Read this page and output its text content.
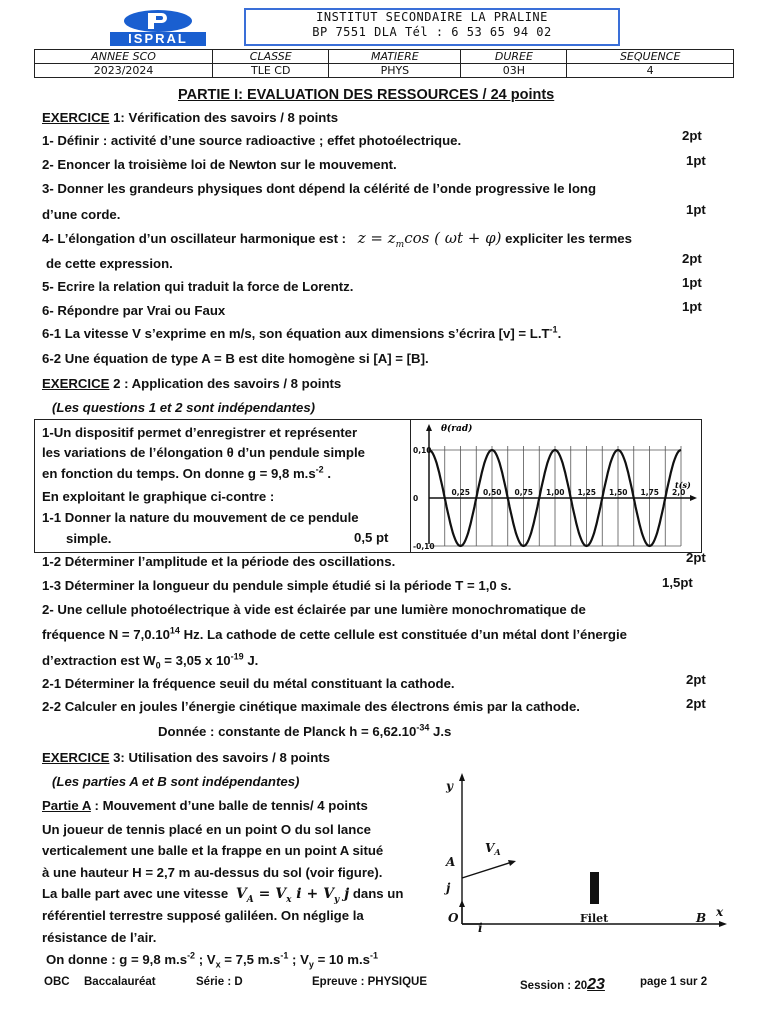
ISPRAL
INSTITUT SECONDAIRE LA PRALINE
BP 7551 DLA Tél : 6 53 65 94 02
ANNEE SCO	CLASSE	MATIERE	DUREE	SEQUENCE
2023/2024	TLE CD	PHYS	03H	4
PARTIE I: EVALUATION DES RESSOURCES / 24 points
EXERCICE 1: Vérification des savoirs / 8 points
1- Définir : activité d’une source radioactive ; effet photoélectrique.	2pt
2- Enoncer la troisième loi de Newton sur le mouvement.	1pt
3- Donner les grandeurs physiques dont dépend la célérité de l’onde progressive le long
d’une corde.	1pt
4- L’élongation d’un oscillateur harmonique est : $z = z_m\cos$ ( ωt + φ) expliciter les termes
de cette expression.	2pt
5- Ecrire la relation qui traduit la force de Lorentz.	1pt
6- Répondre par Vrai ou Faux	1pt
6-1 La vitesse V s’exprime en m/s, son équation aux dimensions s’écrira $[v] = L.T^{-1}$.
6-2 Une équation de type A = B est dite homogène si [A] = [B].
EXERCICE 2 : Application des savoirs / 8 points
(Les questions 1 et 2 sont indépendantes)
1-Un dispositif permet d’enregistrer et représenter
les variations de l’élongation θ d’un pendule simple
en fonction du temps. On donne g = 9,8 $m.s^{-2}$ .
En exploitant le graphique ci-contre :
1-1 Donner la nature du mouvement de ce pendule
simple.	0,5 pt
0,10
0
-0,10
0,25 0,50 0,75 1,00 1,25 1,50 1,75 2,0
θ(rad)
t(s)
1-2 Déterminer l’amplitude et la période des oscillations.	2pt
1-3 Déterminer la longueur du pendule simple étudié si la période T = 1,0 s.	1,5pt
2- Une cellule photoélectrique à vide est éclairée par une lumière monochromatique de
fréquence $N = 7,0.10^{14}$ Hz. La cathode de cette cellule est constituée d’un métal dont l’énergie
d’extraction est $W_0 = 3,05$ x $10^{-19}$ J.
2-1 Déterminer la fréquence seuil du métal constituant la cathode.	2pt
2-2 Calculer en joules l’énergie cinétique maximale des électrons émis par la cathode.	2pt
Donnée : constante de Planck $h = 6,62.10^{-34}$ J.s
EXERCICE 3: Utilisation des savoirs / 8 points
(Les parties A et B sont indépendantes)
Partie A : Mouvement d’une balle de tennis/ 4 points
Un joueur de tennis placé en un point O du sol lance
verticalement une balle et la frappe en un point A situé
à une hauteur H = 2,7 m au-dessus du sol (voir figure).
La balle part avec une vitesse $V_A = V_x$ $i + V_y$ j dans un
référentiel terrestre supposé galiléen. On néglige la
résistance de l’air.
On donne : g = 9,8 $m.s^{-2}$ ; $V_x = 7,5$ $m.s^{-1}$ ; $V_y = 10$ $m.s^{-1}$
y
x
O
A
B
i
j
$V_A$
Filet
OBC Baccalauréat	Série : D	Epreuve : PHYSIQUE	Session : 2023	page 1 sur 2
